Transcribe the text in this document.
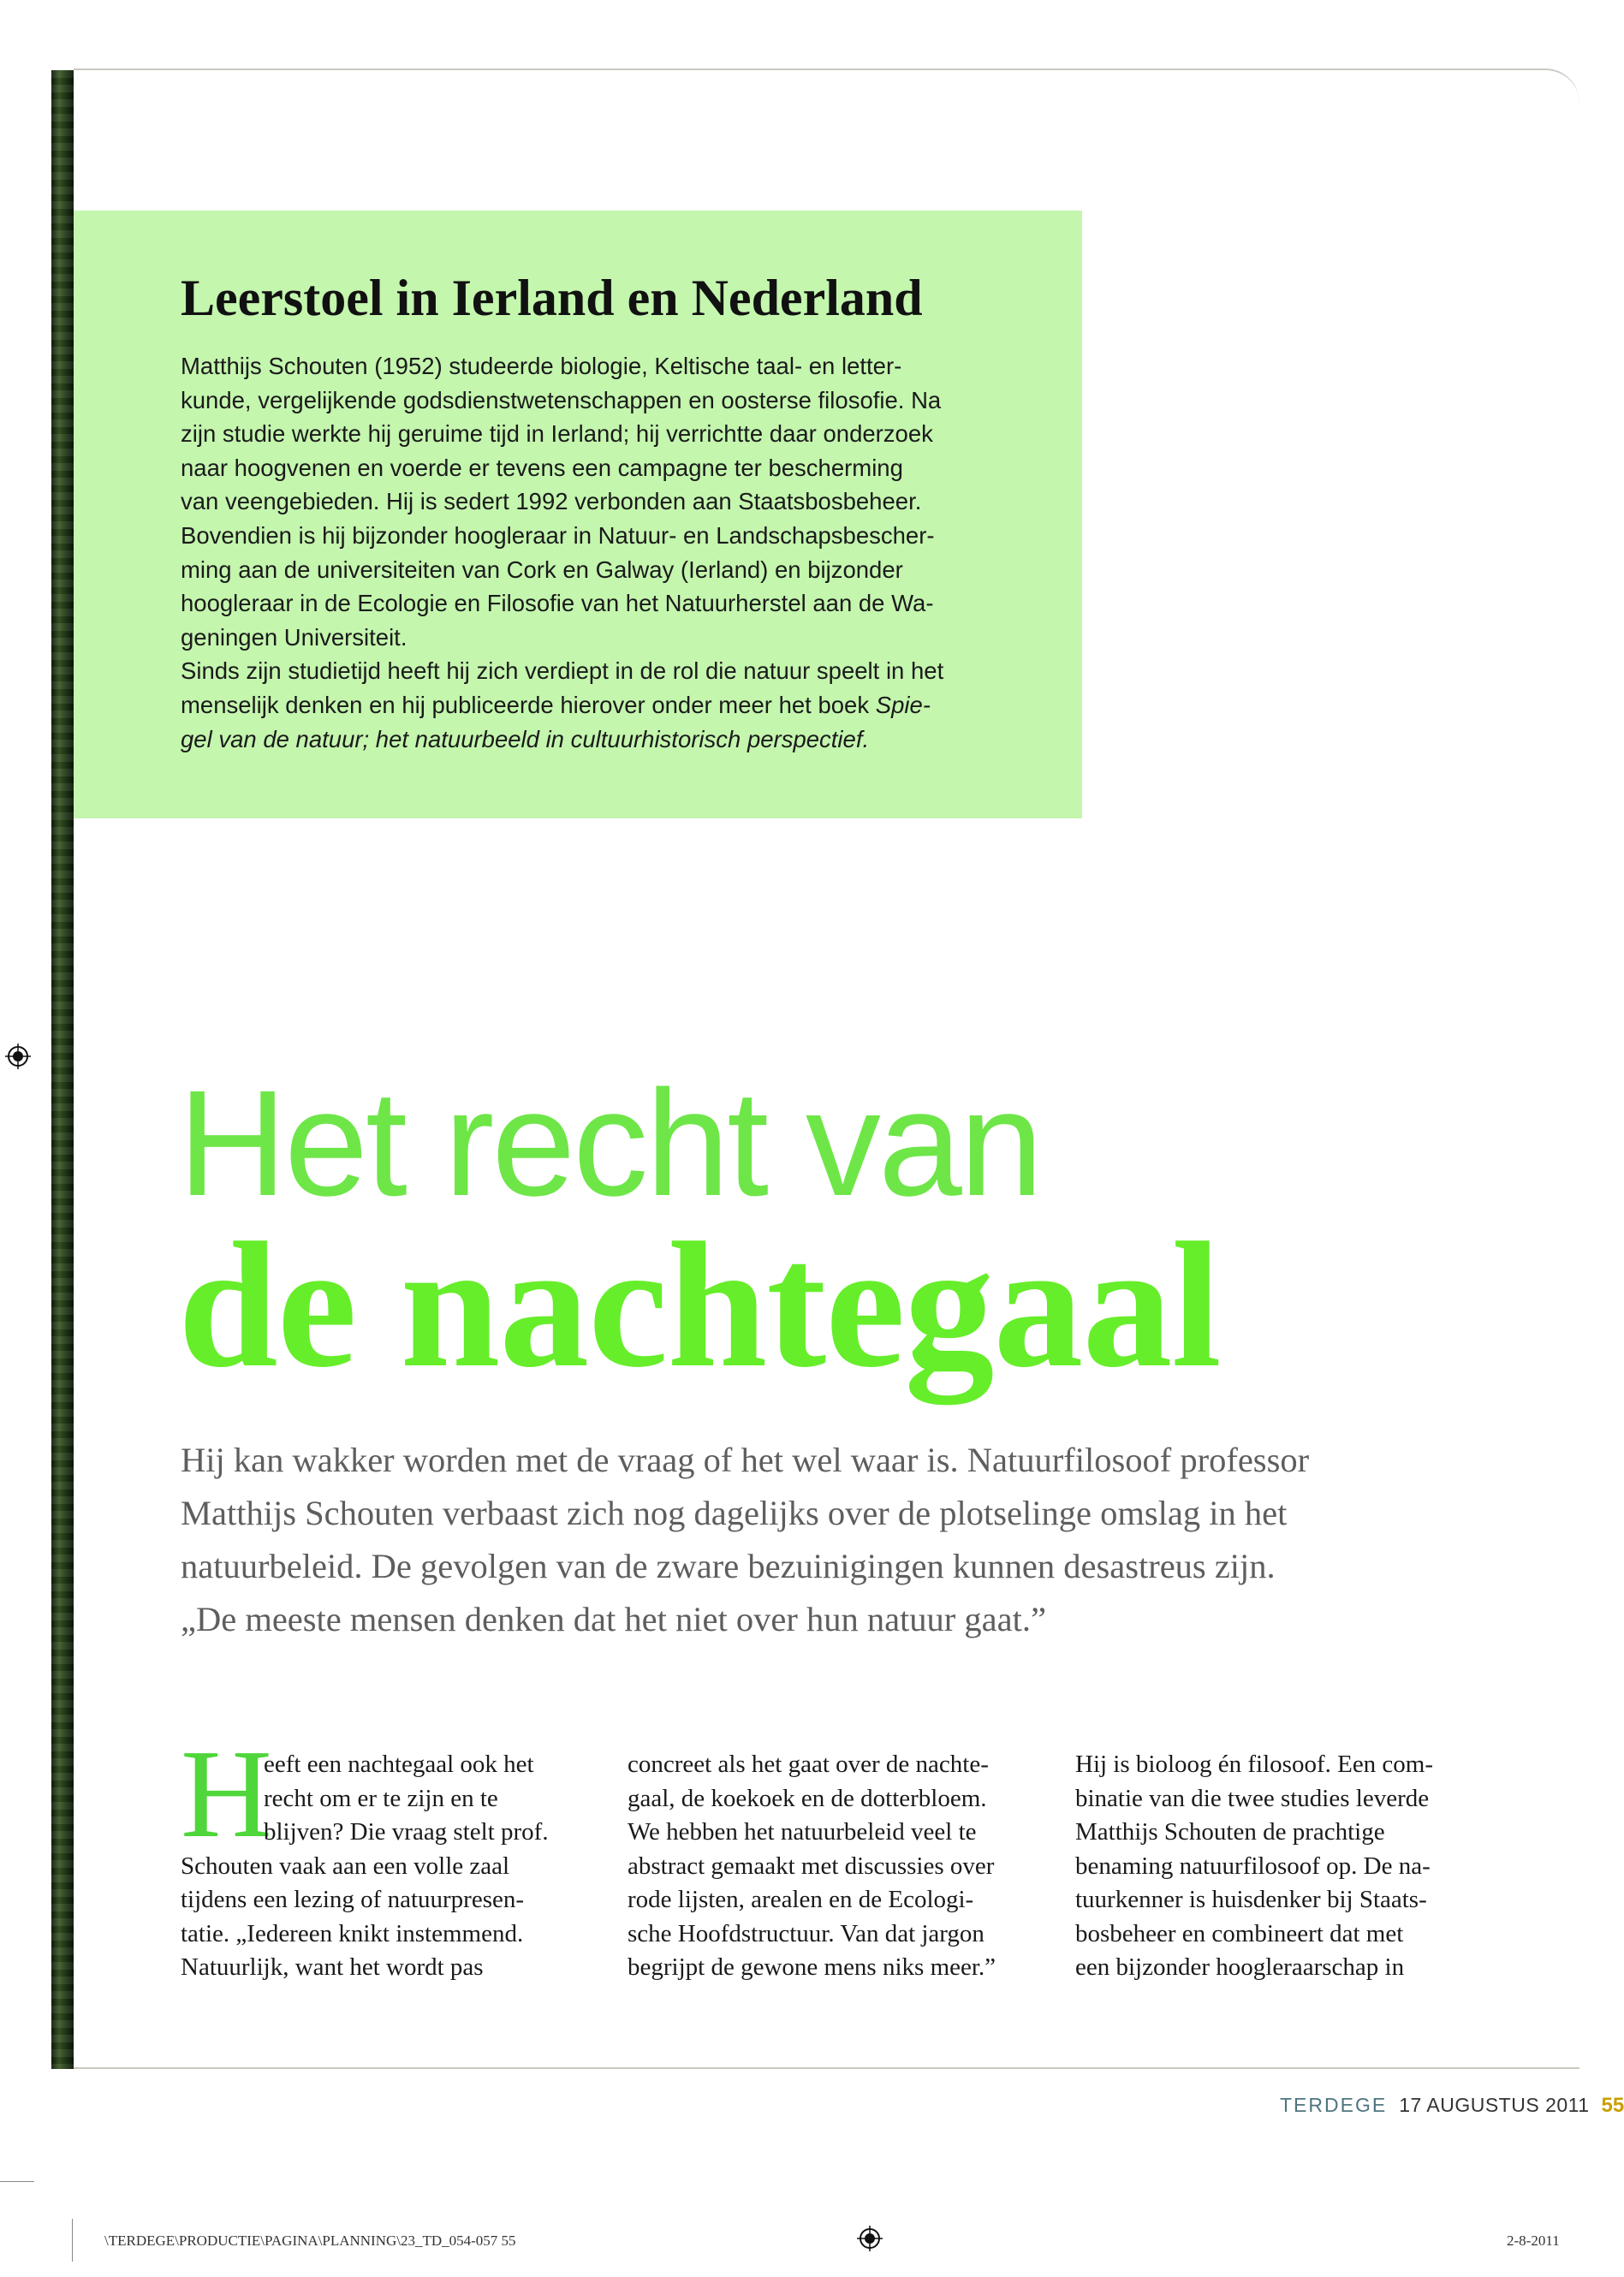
Leerstoel in Ierland en Nederland

Matthijs Schouten (1952) studeerde biologie, Keltische taal- en letter-
kunde, vergelijkende godsdienstwetenschappen en oosterse filosofie. Na
zijn studie werkte hij geruime tijd in Ierland; hij verrichtte daar onderzoek
naar hoogvenen en voerde er tevens een campagne ter bescherming
van veengebieden. Hij is sedert 1992 verbonden aan Staatsbosbeheer.
Bovendien is hij bijzonder hoogleraar in Natuur- en Landschapsbescher-
ming aan de universiteiten van Cork en Galway (Ierland) en bijzonder
hoogleraar in de Ecologie en Filosofie van het Natuurherstel aan de Wa-
geningen Universiteit.
Sinds zijn studietijd heeft hij zich verdiept in de rol die natuur speelt in het
menselijk denken en hij publiceerde hierover onder meer het boek Spie-
gel van de natuur; het natuurbeeld in cultuurhistorisch perspectief.

Het recht van
de nachtegaal

Hij kan wakker worden met de vraag of het wel waar is. Natuurfilosoof professor
Matthijs Schouten verbaast zich nog dagelijks over de plotselinge omslag in het
natuurbeleid. De gevolgen van de zware bezuinigingen kunnen desastreus zijn.
„De meeste mensen denken dat het niet over hun natuur gaat.”

H

eeft een nachtegaal ook het
recht om er te zijn en te
blijven? Die vraag stelt prof.
Schouten vaak aan een volle zaal
tijdens een lezing of natuurpresen-
tatie. „Iedereen knikt instemmend.
Natuurlijk, want het wordt pas

concreet als het gaat over de nachte-
gaal, de koekoek en de dotterbloem.
We hebben het natuurbeleid veel te
abstract gemaakt met discussies over
rode lijsten, arealen en de Ecologi-
sche Hoofdstructuur. Van dat jargon
begrijpt de gewone mens niks meer.”

Hij is bioloog én filosoof. Een com-
binatie van die twee studies leverde
Matthijs Schouten de prachtige
benaming natuurfilosoof op. De na-
tuurkenner is huisdenker bij Staats-
bosbeheer en combineert dat met
een bijzonder hoogleraarschap in

TERDEGE 17 AUGUSTUS 2011 55
\TERDEGE\PRODUCTIE\PAGINA\PLANNING\23_TD_054-057 55	2-8-2011
